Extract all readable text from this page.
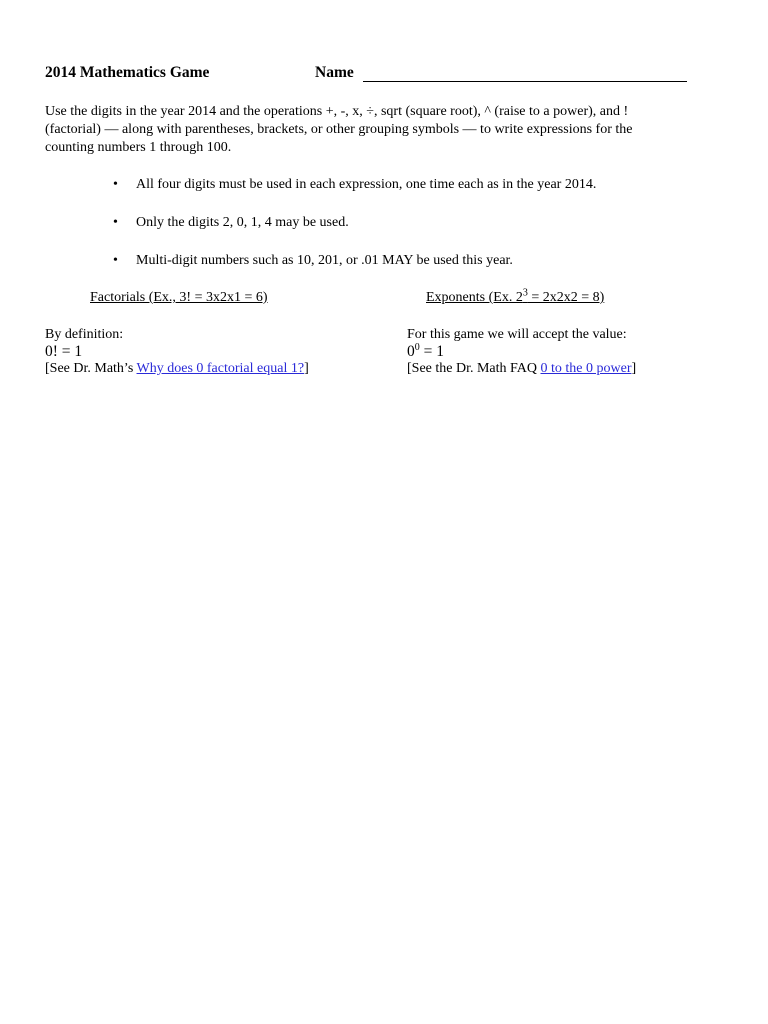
2014 Mathematics Game	Name
Use the digits in the year 2014 and the operations +, -, x, ÷, sqrt (square root), ^ (raise to a power), and !
(factorial) — along with parentheses, brackets, or other grouping symbols — to write expressions for the
counting numbers 1 through 100.
• All four digits must be used in each expression, one time each as in the year 2014.
• Only the digits 2, 0, 1, 4 may be used.
• Multi-digit numbers such as 10, 201, or .01 MAY be used this year.
Factorials (Ex., 3! = 3x2x1 = 6)	Exponents (Ex. $2^3 = 2x2x2 = 8$)
By definition:
0! = 1
[See Dr. Math’s Why does 0 factorial equal 1?]
For this game we will accept the value:
$0^0 = 1$
[See the Dr. Math FAQ 0 to the 0 power]
